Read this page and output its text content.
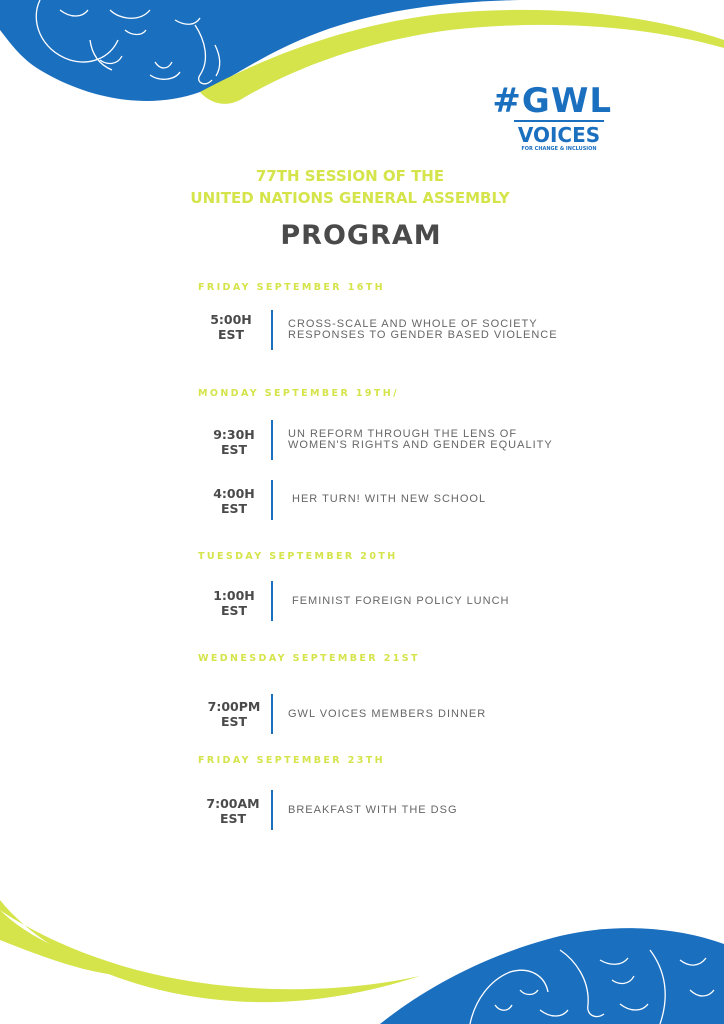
#GWL
VOICES
FOR CHANGE & INCLUSION
77TH SESSION OF THE
UNITED NATIONS GENERAL ASSEMBLY
PROGRAM
FRIDAY SEPTEMBER 16TH
5:00H
EST
CROSS-SCALE AND WHOLE OF SOCIETY
RESPONSES TO GENDER BASED VIOLENCE
MONDAY SEPTEMBER 19TH/
9:30H
EST
UN REFORM THROUGH THE LENS OF
WOMEN'S RIGHTS AND GENDER EQUALITY
4:00H
EST
HER TURN! WITH NEW SCHOOL
TUESDAY SEPTEMBER 20TH
1:00H
EST
FEMINIST FOREIGN POLICY LUNCH
WEDNESDAY SEPTEMBER 21ST
7:00PM
EST	GWL VOICES MEMBERS DINNER
FRIDAY SEPTEMBER 23TH
7:00AM
EST
BREAKFAST WITH THE DSG
